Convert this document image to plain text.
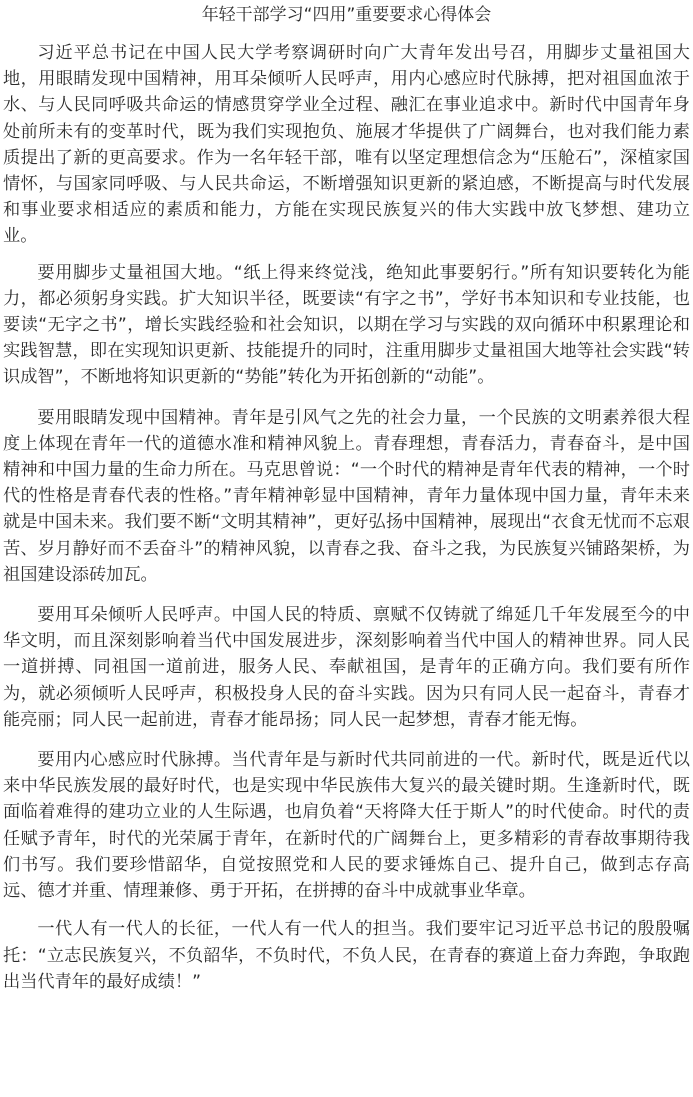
年轻干部学习“四用”重要要求心得体会

习近平总书记在中国人民大学考察调研时向广大青年发出号召，用脚步丈量祖国大地，用眼睛发现中国精神，用耳朵倾听人民呼声，用内心感应时代脉搏，把对祖国血浓于水、与人民同呼吸共命运的情感贯穿学业全过程、融汇在事业追求中。新时代中国青年身处前所未有的变革时代，既为我们实现抱负、施展才华提供了广阔舞台，也对我们能力素质提出了新的更高要求。作为一名年轻干部，唯有以坚定理想信念为“压舱石”，深植家国情怀，与国家同呼吸、与人民共命运，不断增强知识更新的紧迫感，不断提高与时代发展和事业要求相适应的素质和能力，方能在实现民族复兴的伟大实践中放飞梦想、建功立业。

要用脚步丈量祖国大地。“纸上得来终觉浅，绝知此事要躬行。”所有知识要转化为能力，都必须躬身实践。扩大知识半径，既要读“有字之书”，学好书本知识和专业技能，也要读“无字之书”，增长实践经验和社会知识，以期在学习与实践的双向循环中积累理论和实践智慧，即在实现知识更新、技能提升的同时，注重用脚步丈量祖国大地等社会实践“转识成智”，不断地将知识更新的“势能”转化为开拓创新的“动能”。

要用眼睛发现中国精神。青年是引风气之先的社会力量，一个民族的文明素养很大程度上体现在青年一代的道德水准和精神风貌上。青春理想，青春活力，青春奋斗，是中国精神和中国力量的生命力所在。马克思曾说：“一个时代的精神是青年代表的精神，一个时代的性格是青春代表的性格。”青年精神彰显中国精神，青年力量体现中国力量，青年未来就是中国未来。我们要不断“文明其精神”，更好弘扬中国精神，展现出“衣食无忧而不忘艰苦、岁月静好而不丢奋斗”的精神风貌，以青春之我、奋斗之我，为民族复兴铺路架桥，为祖国建设添砖加瓦。

要用耳朵倾听人民呼声。中国人民的特质、禀赋不仅铸就了绵延几千年发展至今的中华文明，而且深刻影响着当代中国发展进步，深刻影响着当代中国人的精神世界。同人民一道拼搏、同祖国一道前进，服务人民、奉献祖国，是青年的正确方向。我们要有所作为，就必须倾听人民呼声，积极投身人民的奋斗实践。因为只有同人民一起奋斗，青春才能亮丽；同人民一起前进，青春才能昂扬；同人民一起梦想，青春才能无悔。

要用内心感应时代脉搏。当代青年是与新时代共同前进的一代。新时代，既是近代以来中华民族发展的最好时代，也是实现中华民族伟大复兴的最关键时期。生逢新时代，既面临着难得的建功立业的人生际遇，也肩负着“天将降大任于斯人”的时代使命。时代的责任赋予青年，时代的光荣属于青年，在新时代的广阔舞台上，更多精彩的青春故事期待我们书写。我们要珍惜韶华，自觉按照党和人民的要求锤炼自己、提升自己，做到志存高远、德才并重、情理兼修、勇于开拓，在拼搏的奋斗中成就事业华章。

一代人有一代人的长征，一代人有一代人的担当。我们要牢记习近平总书记的殷殷嘱托：“立志民族复兴，不负韶华，不负时代，不负人民，在青春的赛道上奋力奔跑，争取跑出当代青年的最好成绩！”
